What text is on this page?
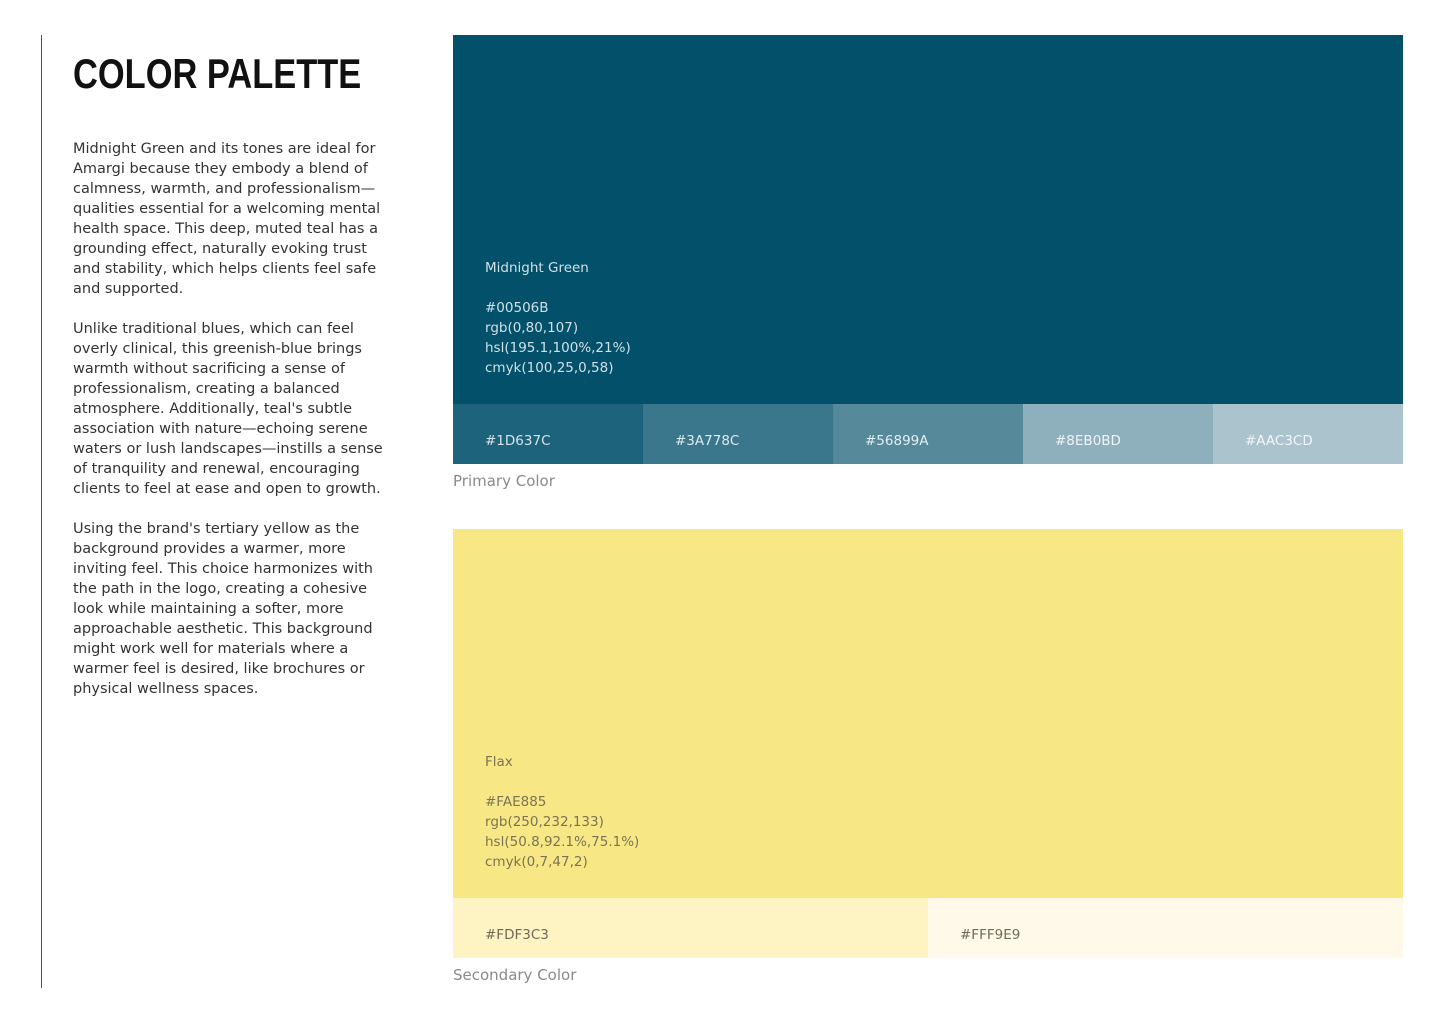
COLOR PALETTE

Midnight Green and its tones are ideal for Amargi because they embody a blend of calmness, warmth, and professionalism—qualities essential for a welcoming mental health space. This deep, muted teal has a grounding effect, naturally evoking trust and stability, which helps clients feel safe and supported.

Unlike traditional blues, which can feel overly clinical, this greenish-blue brings warmth without sacrificing a sense of professionalism, creating a balanced atmosphere. Additionally, teal's subtle association with nature—echoing serene waters or lush landscapes—instills a sense of tranquility and renewal, encouraging clients to feel at ease and open to growth.

Using the brand's tertiary yellow as the background provides a warmer, more inviting feel. This choice harmonizes with the path in the logo, creating a cohesive look while maintaining a softer, more approachable aesthetic. This background might work well for materials where a warmer feel is desired, like brochures or physical wellness spaces.

Midnight Green
#00506B
rgb(0,80,107)
hsl(195.1,100%,21%)
cmyk(100,25,0,58)
#1D637C	#3A778C	#56899A	#8EB0BD	#AAC3CD
Primary Color
Flax
#FAE885
rgb(250,232,133)
hsl(50.8,92.1%,75.1%)
cmyk(0,7,47,2)
#FDF3C3	#FFF9E9
Secondary Color
